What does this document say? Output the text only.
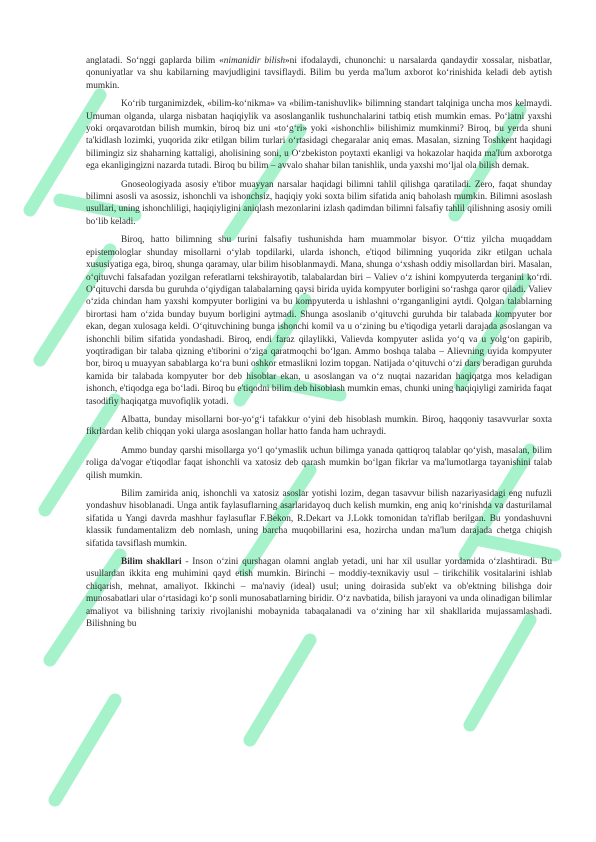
anglatadi. So‘nggi gaplarda bilim «nimanidir bilish»ni ifodalaydi, chunonchi: u narsalarda qandaydir xossalar, nisbatlar, qonuniyatlar va shu kabilarning mavjudligini tavsiflaydi. Bilim bu yerda ma'lum axborot ko‘rinishida keladi deb aytish mumkin.

Ko‘rib turganimizdek, «bilim-ko‘nikma» va «bilim-tanishuvlik» bilimning standart talqiniga uncha mos kelmaydi. Umuman olganda, ularga nisbatan haqiqiylik va asoslanganlik tushunchalarini tatbiq etish mumkin emas. Po‘latni yaxshi yoki orqavarotdan bilish mumkin, biroq biz uni «to‘g‘ri» yoki «ishonchli» bilishimiz mumkinmi? Biroq, bu yerda shuni ta'kidlash lozimki, yuqorida zikr etilgan bilim turlari o‘rtasidagi chegaralar aniq emas. Masalan, sizning Toshkent haqidagi bilimingiz siz shaharning kattaligi, aholisining soni, u O‘zbekiston poytaxti ekanligi va hokazolar haqida ma'lum axborotga ega ekanligingizni nazarda tutadi. Biroq bu bilim – avvalo shahar bilan tanishlik, unda yaxshi mo‘ljal ola bilish demak.

Gnoseologiyada asosiy e'tibor muayyan narsalar haqidagi bilimni tahlil qilishga qaratiladi. Zero, faqat shunday bilimni asosli va asossiz, ishonchli va ishonchsiz, haqiqiy yoki soxta bilim sifatida aniq baholash mumkin. Bilimni asoslash usullari, uning ishonchliligi, haqiqiyligini aniqlash mezonlarini izlash qadimdan bilimni falsafiy tahlil qilishning asosiy omili bo‘lib keladi.

Biroq, hatto bilimning shu turini falsafiy tushunishda ham muammolar bisyor. O‘ttiz yilcha muqaddam epistemologlar shunday misollarni o‘ylab topdilarki, ularda ishonch, e'tiqod bilimning yuqorida zikr etilgan uchala xususiyatiga ega, biroq, shunga qaramay, ular bilim hisoblanmaydi. Mana, shunga o‘xshash oddiy misollardan biri. Masalan, o‘qituvchi falsafadan yozilgan referatlarni tekshirayotib, talabalardan biri – Valiev o‘z ishini kompyuterda terganini ko‘rdi. O‘qituvchi darsda bu guruhda o‘qiydigan talabalarning qaysi birida uyida kompyuter borligini so‘rashga qaror qiladi. Valiev o‘zida chindan ham yaxshi kompyuter borligini va bu kompyuterda u ishlashni o‘rganganligini aytdi. Qolgan talablarning birortasi ham o‘zida bunday buyum borligini aytmadi. Shunga asoslanib o‘qituvchi guruhda bir talabada kompyuter bor ekan, degan xulosaga keldi. O‘qituvchining bunga ishonchi komil va u o‘zining bu e'tiqodiga yetarli darajada asoslangan va ishonchli bilim sifatida yondashadi. Biroq, endi faraz qilaylikki, Valievda kompyuter aslida yo‘q va u yolg‘on gapirib, yoqtiradigan bir talaba qizning e'tiborini o‘ziga qaratmoqchi bo‘lgan. Ammo boshqa talaba – Alievning uyida kompyuter bor, biroq u muayyan sabablarga ko‘ra buni oshkor etmaslikni lozim topgan. Natijada o‘qituvchi o‘zi dars beradigan guruhda kamida bir talabada kompyuter bor deb hisoblar ekan, u asoslangan va o‘z nuqtai nazaridan haqiqatga mos keladigan ishonch, e'tiqodga ega bo‘ladi. Biroq bu e'tiqodni bilim deb hisoblash mumkin emas, chunki uning haqiqiyligi zamirida faqat tasodifiy haqiqatga muvofiqlik yotadi.

Albatta, bunday misollarni bor-yo‘g‘i tafakkur o‘yini deb hisoblash mumkin. Biroq, haqqoniy tasavvurlar soxta fikrlardan kelib chiqqan yoki ularga asoslangan hollar hatto fanda ham uchraydi.

Ammo bunday qarshi misollarga yo‘l qo‘ymaslik uchun bilimga yanada qattiqroq talablar qo‘yish, masalan, bilim roliga da'vogar e'tiqodlar faqat ishonchli va xatosiz deb qarash mumkin bo‘lgan fikrlar va ma'lumotlarga tayanishini talab qilish mumkin.

Bilim zamirida aniq, ishonchli va xatosiz asoslar yotishi lozim, degan tasavvur bilish nazariyasidagi eng nufuzli yondashuv hisoblanadi. Unga antik faylasuflarning asarlaridayoq duch kelish mumkin, eng aniq ko‘rinishda va dasturilamal sifatida u Yangi davrda mashhur faylasuflar F.Bekon, R.Dekart va J.Lokk tomonidan ta'riflab berilgan. Bu yondashuvni klassik fundamentalizm deb nomlash, uning barcha muqobillarini esa, hozircha undan ma'lum darajada chetga chiqish sifatida tavsiflash mumkin.

Bilim shakllari - Inson o‘zini qurshagan olamni anglab yetadi, uni har xil usullar yordamida o‘zlashtiradi. Bu usullardan ikkita eng muhimini qayd etish mumkin. Birinchi – moddiy-texnikaviy usul – tirikchilik vositalarini ishlab chiqarish, mehnat, amaliyot. Ikkinchi – ma'naviy (ideal) usul; uning doirasida sub'ekt va ob'ektning bilishga doir munosabatlari ular o‘rtasidagi ko‘p sonli munosabatlarning biridir. O‘z navbatida, bilish jarayoni va unda olinadigan bilimlar amaliyot va bilishning tarixiy rivojlanishi mobaynida tabaqalanadi va o‘zining har xil shakllarida mujassamlashadi. Bilishning bu
